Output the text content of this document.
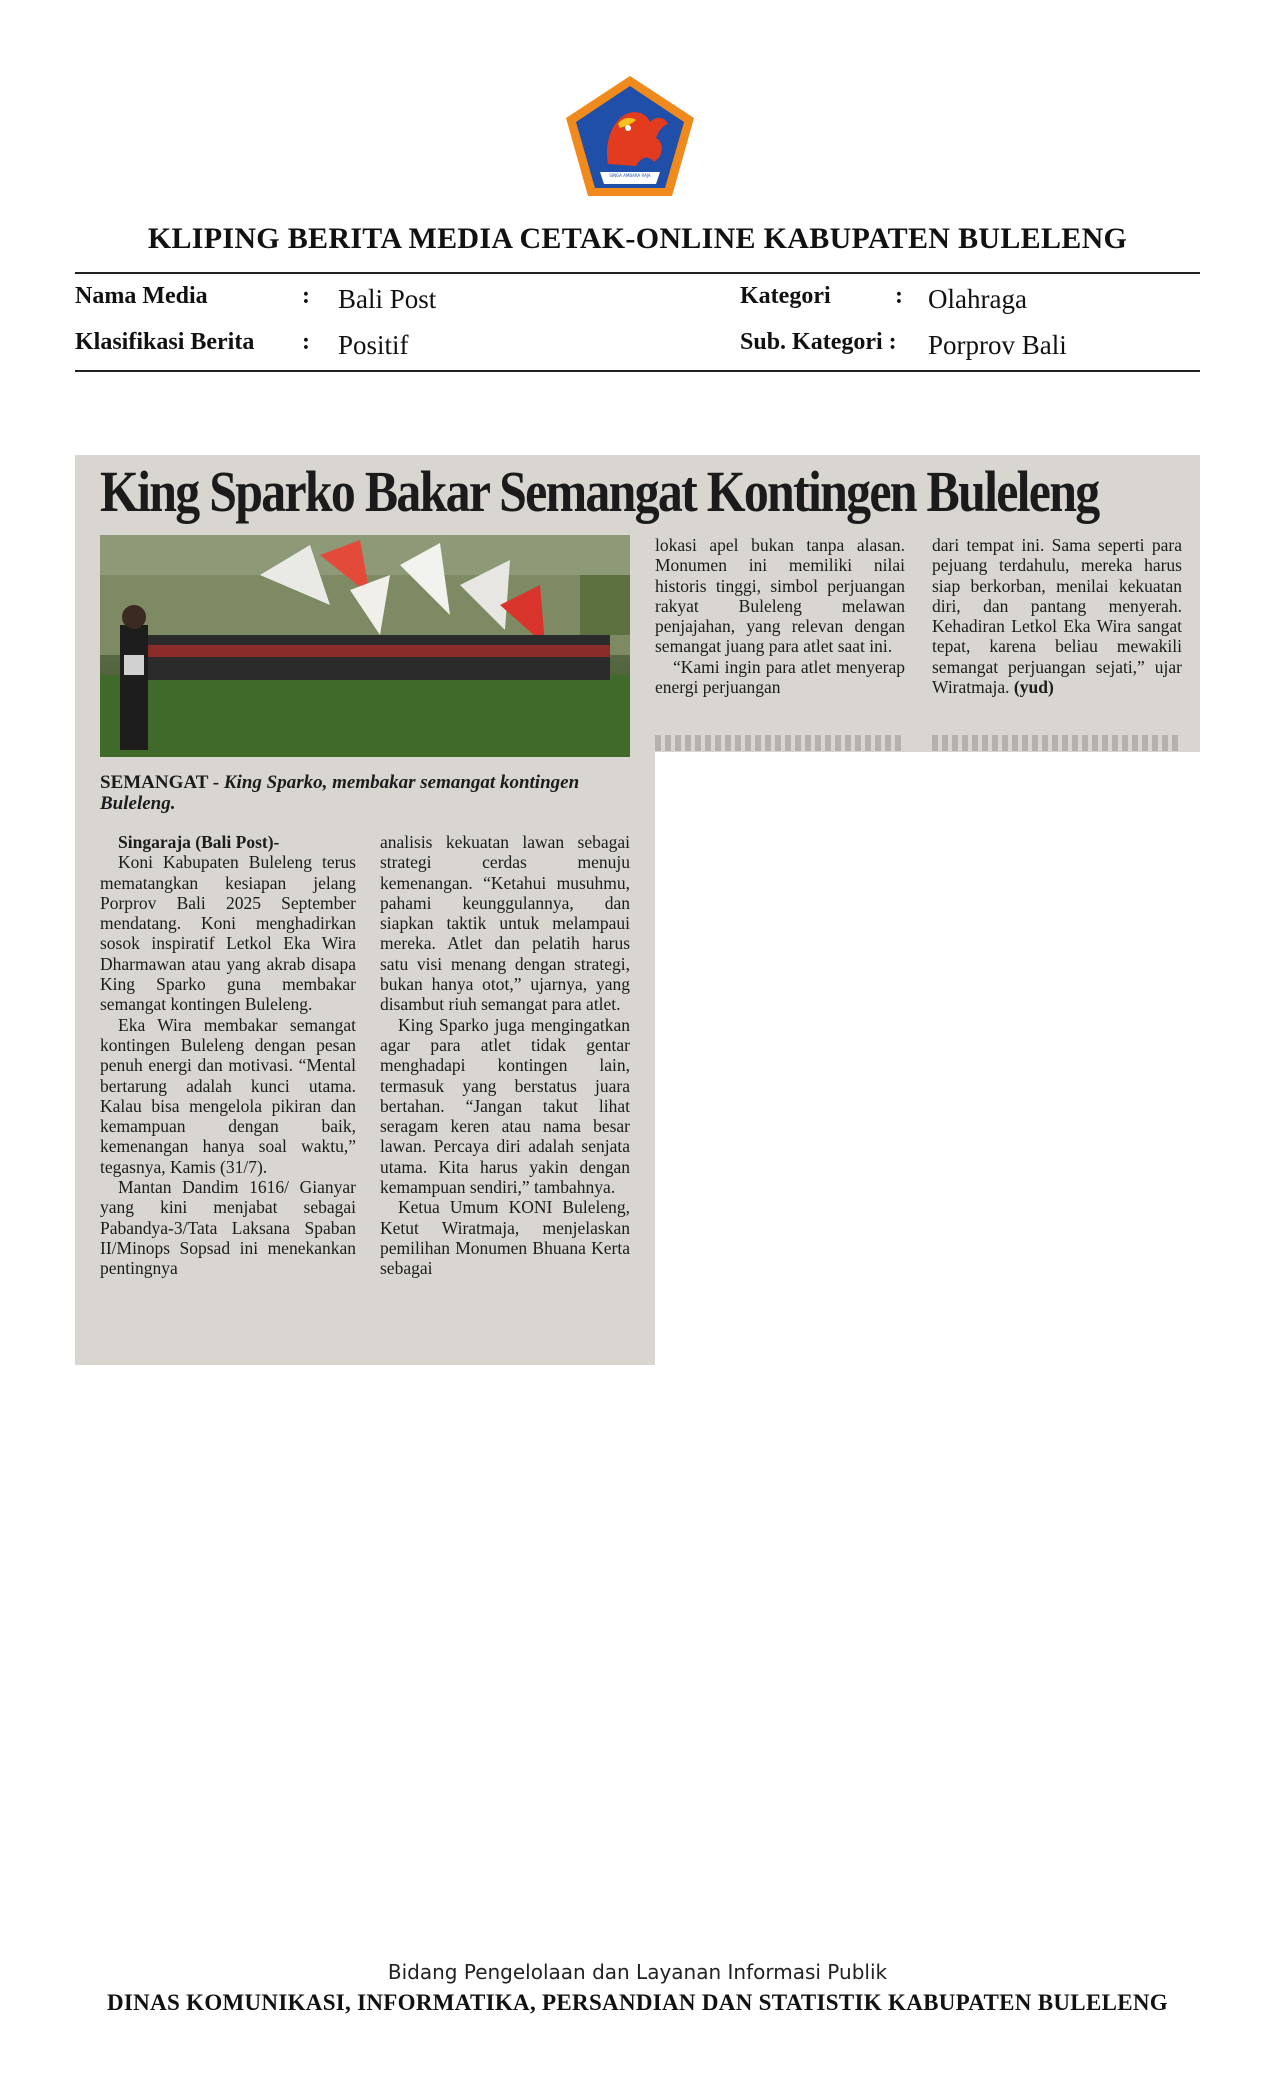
SINGA AMBARA RAJA
KLIPING BERITA MEDIA CETAK-ONLINE KABUPATEN BULELENG
Nama Media	: Bali Post
Klasifikasi Berita : Positif
Kategori	: Olahraga
Sub. Kategori : Porprov Bali
King Sparko Bakar Semangat Kontingen Buleleng
SEMANGAT - King Sparko, membakar semangat kontingen Buleleng.

Singaraja (Bali Post)-

Koni Kabupaten Buleleng terus mematangkan kesiapan jelang Porprov Bali 2025 September mendatang. Koni menghadirkan sosok inspiratif Letkol Eka Wira Dharmawan atau yang akrab disapa King Sparko guna membakar semangat kontingen Buleleng.

Eka Wira membakar semangat kontingen Buleleng dengan pesan penuh energi dan motivasi. “Mental bertarung adalah kunci utama. Kalau bisa mengelola pikiran dan kemampuan dengan baik, kemenangan hanya soal waktu,” tegasnya, Kamis (31/7).

Mantan Dandim 1616/ Gianyar yang kini menjabat sebagai Pabandya-3/Tata Laksana Spaban II/Minops Sopsad ini menekankan pentingnya

analisis kekuatan lawan sebagai strategi cerdas menuju kemenangan. “Ketahui musuhmu, pahami keunggulannya, dan siapkan taktik untuk melampaui mereka. Atlet dan pelatih harus satu visi menang dengan strategi, bukan hanya otot,” ujarnya, yang disambut riuh semangat para atlet.

King Sparko juga mengingatkan agar para atlet tidak gentar menghadapi kontingen lain, termasuk yang berstatus juara bertahan. “Jangan takut lihat seragam keren atau nama besar lawan. Percaya diri adalah senjata utama. Kita harus yakin dengan kemampuan sendiri,” tambahnya.

Ketua Umum KONI Buleleng, Ketut Wiratmaja, menjelaskan pemilihan Monumen Bhuana Kerta sebagai

lokasi apel bukan tanpa alasan. Monumen ini memiliki nilai historis tinggi, simbol perjuangan rakyat Buleleng melawan penjajahan, yang relevan dengan semangat juang para atlet saat ini.

“Kami ingin para atlet menyerap energi perjuangan

dari tempat ini. Sama seperti para pejuang terdahulu, mereka harus siap berkorban, menilai kekuatan diri, dan pantang menyerah. Kehadiran Letkol Eka Wira sangat tepat, karena beliau mewakili semangat perjuangan sejati,” ujar Wiratmaja. (yud)

Bidang Pengelolaan dan Layanan Informasi Publik
DINAS KOMUNIKASI, INFORMATIKA, PERSANDIAN DAN STATISTIK KABUPATEN BULELENG
